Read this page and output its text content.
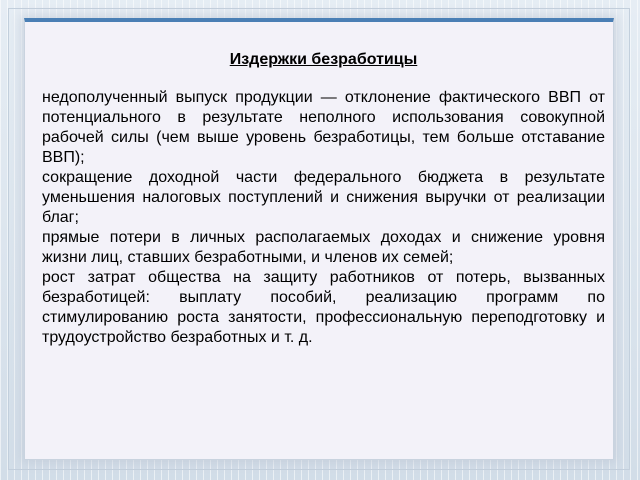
Издержки безработицы
недополученный выпуск продукции — отклонение фактического ВВП от потенциального в результате неполного использования совокупной рабочей силы (чем выше уровень безработицы, тем больше отставание ВВП);
сокращение доходной части федерального бюджета в результате уменьшения налоговых поступлений и снижения выручки от реализации благ;
прямые потери в личных располагаемых доходах и снижение уровня жизни лиц, ставших безработными, и членов их семей;
рост затрат общества на защиту работников от потерь, вызванных безработицей: выплату пособий, реализацию программ по стимулированию роста занятости, профессиональную переподготовку и трудоустройство безработных и т. д.
